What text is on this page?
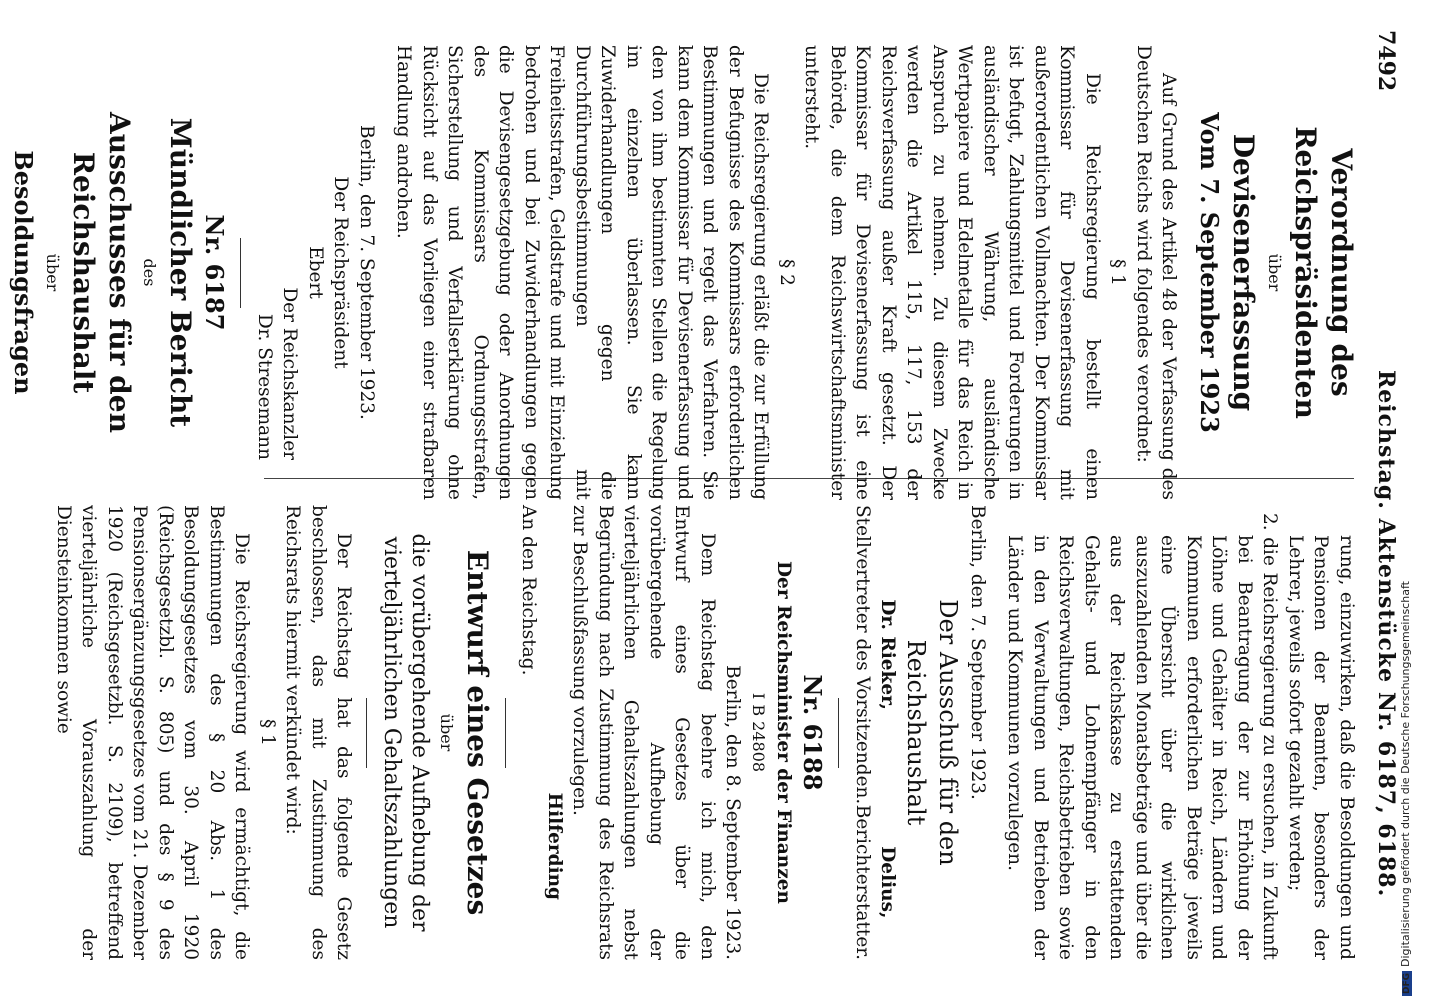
7492
Reichstag. Aktenstücke Nr. 6187, 6188.
Verordnung des Reichspräsidenten
über
Devisenerfassung
Vom 7. September 1923
Auf Grund des Artikel 48 der Verfassung des Deutschen Reichs wird folgendes verordnet:
§ 1
Die Reichsregierung bestellt einen Kommissar für Devisenerfassung mit außerordentlichen Vollmachten. Der Kommissar ist befugt, Zahlungsmittel und Forderungen in ausländischer Währung, ausländische Wertpapiere und Edelmetalle für das Reich in Anspruch zu nehmen. Zu diesem Zwecke werden die Artikel 115, 117, 153 der Reichsverfassung außer Kraft gesetzt. Der Kommissar für Devisenerfassung ist eine Behörde, die dem Reichswirtschaftsminister untersteht.
§ 2
Die Reichsregierung erläßt die zur Erfüllung der Befugnisse des Kommissars erforderlichen Bestimmungen und regelt das Verfahren. Sie kann dem Kommissar für Devisenerfassung und den von ihm bestimmten Stellen die Regelung im einzelnen überlassen. Sie kann Zuwiderhandlungen gegen die Durchführungsbestimmungen mit Freiheitsstrafen, Geldstrafe und mit Einziehung bedrohen und bei Zuwiderhandlungen gegen die Devisengesetzgebung oder Anordnungen des Kommissars Ordnungsstrafen, Sicherstellung und Verfallserklärung ohne Rücksicht auf das Vorliegen einer strafbaren Handlung androhen.
Berlin, den 7. September 1923.
Der Reichspräsident
Ebert
Der Reichskanzler
Dr. Stresemann
Nr. 6187
Mündlicher Bericht
des
Ausschusses für den Reichshaushalt
über
Besoldungsfragen
rung, einzuwirken, daß die Besoldungen und Pensionen der Beamten, besonders der Lehrer, jeweils sofort gezahlt werden;
2. die Reichsregierung zu ersuchen, in Zukunft bei Beantragung der zur Erhöhung der Löhne und Gehälter in Reich, Ländern und Kommunen erforderlichen Beträge jeweils eine Übersicht über die wirklichen auszuzahlenden Monatsbeträge und über die aus der Reichskasse zu erstattenden Gehalts- und Lohnempfänger in den Reichsverwaltungen, Reichsbetrieben sowie in den Verwaltungen und Betrieben der Länder und Kommunen vorzulegen.
Berlin, den 7. September 1923.
Der Ausschuß für den Reichshaushalt
Dr. Rieker,
Stellvertreter des Vorsitzenden.
Delius,
Berichterstatter.
Nr. 6188
Der Reichsminister der Finanzen
I B 24808
Berlin, den 8. September 1923.
Dem Reichstag beehre ich mich, den Entwurf eines Gesetzes über die vorübergehende Aufhebung der vierteljährlichen Gehaltszahlungen nebst Begründung nach Zustimmung des Reichsrats zur Beschlußfassung vorzulegen.
Hilferding
An den Reichstag.
Entwurf eines Gesetzes
über
die vorübergehende Aufhebung der vierteljährlichen Gehaltszahlungen
Der Reichstag hat das folgende Gesetz beschlossen, das mit Zustimmung des Reichsrats hiermit verkündet wird:
§ 1
Die Reichsregierung wird ermächtigt, die Bestimmungen des § 20 Abs. 1 des Besoldungsgesetzes vom 30. April 1920 (Reichsgesetzbl. S. 805) und des § 9 des Pensionsergänzungsgesetzes vom 21. Dezember 1920 (Reichsgesetzbl. S. 2109), betreffend vierteljährliche Vorauszahlung der Diensteinkommen sowie
DFGDigitalisierung gefördert durch die Deutsche Forschungsgemeinschaft
